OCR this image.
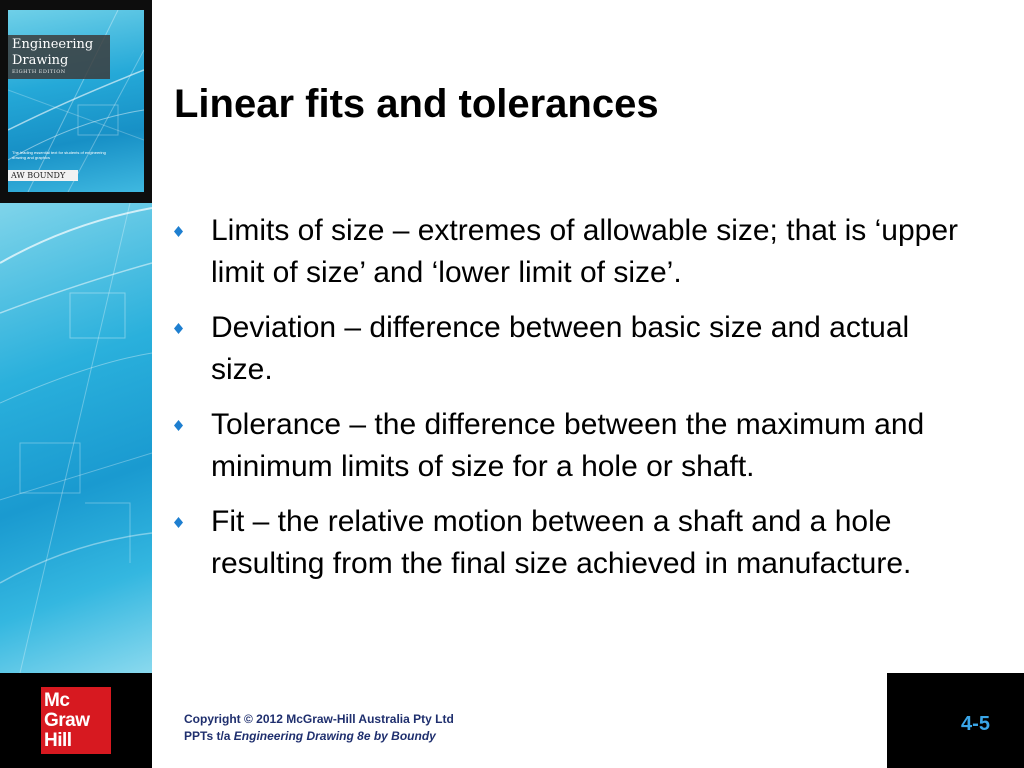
Engineering
Drawing
EIGHTH EDITION
The leading essential text for students of engineering drawing and graphics
AW BOUNDY
Linear fits and tolerances
Limits of size – extremes of allowable size; that is ‘upper limit of size’ and ‘lower limit of size’.
Deviation – difference between basic size and actual size.
Tolerance – the difference between the maximum and minimum limits of size for a hole or shaft.
Fit – the relative motion between a shaft and a hole resulting from the final size achieved in manufacture.
Mc
Graw
Hill
Copyright © 2012 McGraw-Hill Australia Pty Ltd
PPTs t/a Engineering Drawing 8e by Boundy
4-5
